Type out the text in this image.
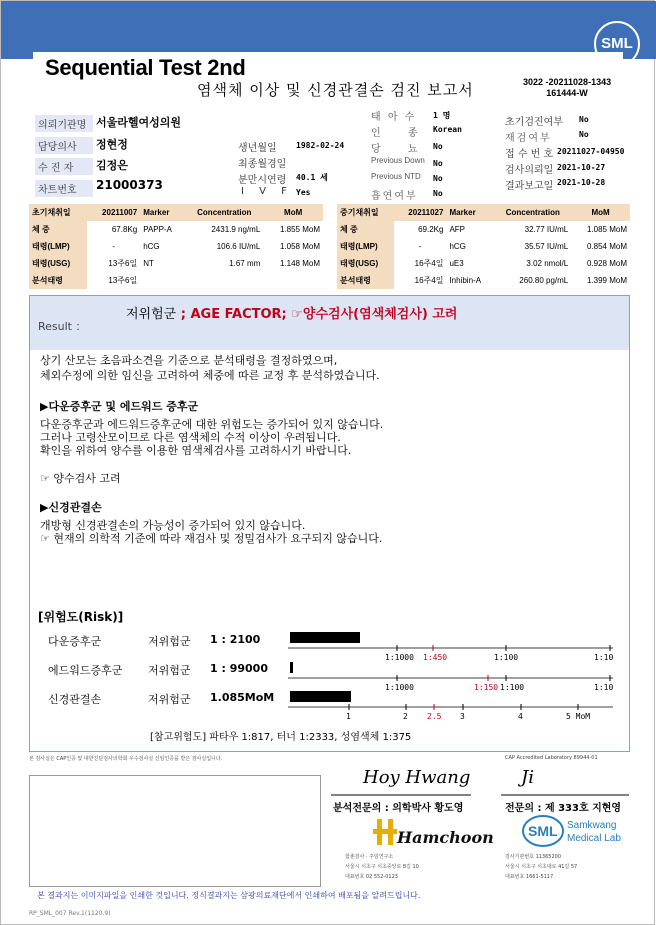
SML
Sequential Test 2nd
염색체 이상 및 신경관결손 검진 보고서	3022 -20211028-1343
161444-W
의뢰기관명 서울라헬여성의원
담당의사	정현정
수 진 자	김정은
차트번호	21000373
생년월일 1982-02-24
최종월경일
분만시연령 40.1 세
I V F Yes
태 아 수 1 명
인 종 Korean
당 뇨 No
Previous Down No
Previous NTD No
흡연여부 No
초기검진여부 No
재검여부	No
접 수 번 호 20211027-04950
검사의뢰일 2021-10-27
결과보고일 2021-10-28
초기채취일	20211007	Marker	Concentration	MoM
체 중	67.8Kg	PAPP-A	2431.9 ng/mL	1.855 MoM
태령(LMP)	-	hCG	106.6 IU/mL	1.058 MoM
태령(USG)	13주6일	NT	1.67 mm	1.148 MoM
분석태령	13주6일			
중기채취일	20211027	Marker	Concentration	MoM
체 중	69.2Kg	AFP	32.77 IU/mL	1.085 MoM
태령(LMP)	-	hCG	35.57 IU/mL	0.854 MoM
태령(USG)	16주4일	uE3	3.02 nmol/L	0.928 MoM
분석태령	16주4일	Inhibin-A	260.80 pg/mL	1.399 MoM
Result ：
저위험군 ; AGE FACTOR; ☞양수검사(염색체검사) 고려
상기 산모는 초음파소견을 기준으로 분석태령을 결정하였으며,
체외수정에 의한 임신을 고려하여 체중에 따른 교정 후 분석하였습니다.
▶다운증후군 및 에드워드 증후군
다운증후군과 에드워드증후군에 대한 위험도는 증가되어 있지 않습니다.
그러나 고령산모이므로 다른 염색체의 수적 이상이 우려됩니다.
확인을 위하여 양수를 이용한 염색체검사를 고려하시기 바랍니다.
☞ 양수검사 고려
▶신경관결손
개방형 신경관결손의 가능성이 증가되어 있지 않습니다.
☞ 현재의 의학적 기준에 따라 재검사 및 정밀검사가 요구되지 않습니다.
[위험도(Risk)]
다운증후군	저위험군 1 : 2100
에드워드증후군 저위험군 1 : 99000
신경관결손	저위험군 1.085MoM
1:1000 1:450	1:100	1:10
1:1000	1:150 1:100	1:10
1	2 2.5 3	4	5 MoM
[참고위험도] 파타우 1:817, 터너 1:2333, 성염색체 1:375
본 검사실은 CAP인증 및 대한진단검사의학회 우수검사실 신임인증을 받은 검사실입니다.	CAP Accredited Laboratory 89944-01
Hoy Hwang
분석전문의 : 의학박사 황도영
Ji
전문의 : 제 333호 지현영
Hamchoon
함춘검사 · 주임연구소
서울시 서초구 서초중앙로 8길 10
대표번호 02 552-0123
SML Samkwang
Medical Lab
검사기관번호 11365200
서울시 서초구 서초대로 41길 57
대표번호 1661-5117
본 결과지는 이미지파일을 인쇄한 것입니다. 정식결과지는 삼광의료재단에서 인쇄하여 배포됨을 알려드립니다.
RP_SML_007 Rev.1(1120.9)
